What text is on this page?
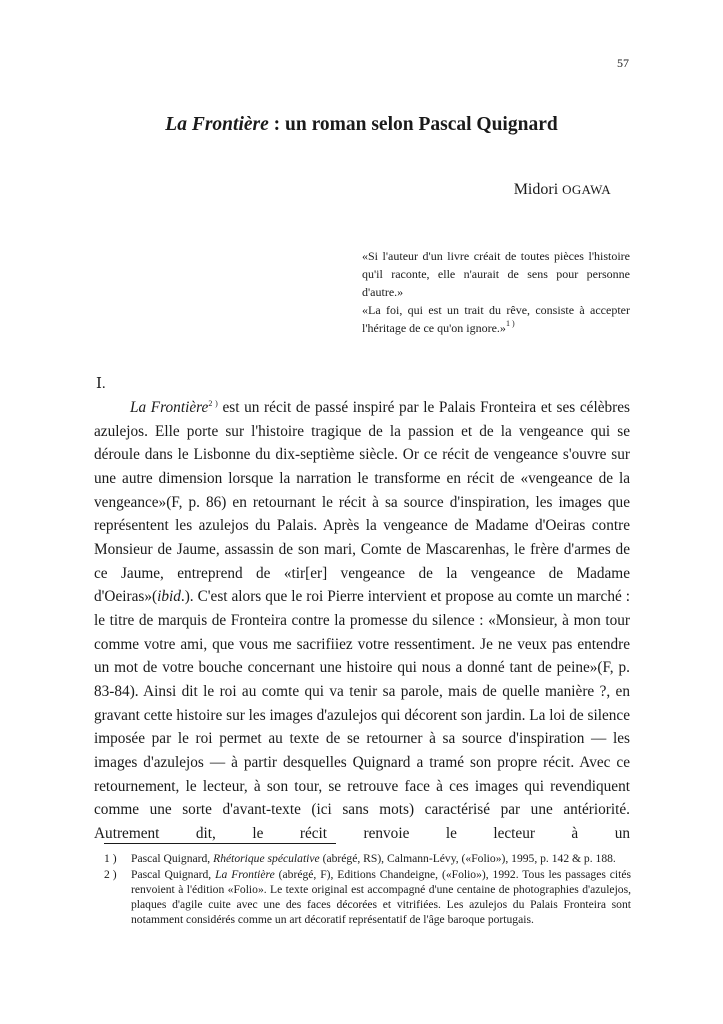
57
La Frontière : un roman selon Pascal Quignard
Midori OGAWA

«Si l'auteur d'un livre créait de toutes pièces l'histoire qu'il raconte, elle n'aurait de sens pour personne d'autre.»

«La foi, qui est un trait du rêve, consiste à accepter l'héritage de ce qu'on ignore.»$^{1 )}$

Ⅰ.

La Frontière$^{2 )}$ est un récit de passé inspiré par le Palais Fronteira et ses célèbres azulejos. Elle porte sur l'histoire tragique de la passion et de la vengeance qui se déroule dans le Lisbonne du dix-septième siècle. Or ce récit de vengeance s'ouvre sur une autre dimension lorsque la narration le transforme en récit de «vengeance de la vengeance»(F, p. 86) en retournant le récit à sa source d'inspiration, les images que représentent les azulejos du Palais. Après la vengeance de Madame d'Oeiras contre Monsieur de Jaume, assassin de son mari, Comte de Mascarenhas, le frère d'armes de ce Jaume, entreprend de «tir[er] vengeance de la vengeance de Madame d'Oeiras»(ibid.). C'est alors que le roi Pierre intervient et propose au comte un marché : le titre de marquis de Fronteira contre la promesse du silence : «Monsieur, à mon tour comme votre ami, que vous me sacrifiiez votre ressentiment. Je ne veux pas entendre un mot de votre bouche concernant une histoire qui nous a donné tant de peine»(F, p. 83-84). Ainsi dit le roi au comte qui va tenir sa parole, mais de quelle manière ?, en gravant cette histoire sur les images d'azulejos qui décorent son jardin. La loi de silence imposée par le roi permet au texte de se retourner à sa source d'inspiration — les images d'azulejos — à partir desquelles Quignard a tramé son propre récit. Avec ce retournement, le lecteur, à son tour, se retrouve face à ces images qui revendiquent comme une sorte d'avant-texte (ici sans mots) caractérisé par une antériorité. Autrement dit, le récit renvoie le lecteur à un

1 )	Pascal Quignard, Rhétorique spéculative (abrégé, RS), Calmann-Lévy, («Folio»), 1995, p. 142 & p. 188.
2 )	Pascal Quignard, La Frontière (abrégé, F), Editions Chandeigne, («Folio»), 1992. Tous les passages cités renvoient à l'édition «Folio». Le texte original est accompagné d'une centaine de photographies d'azulejos, plaques d'agile cuite avec une des faces décorées et vitrifiées. Les azulejos du Palais Fronteira sont notamment considérés comme un art décoratif représentatif de l'âge baroque portugais.
